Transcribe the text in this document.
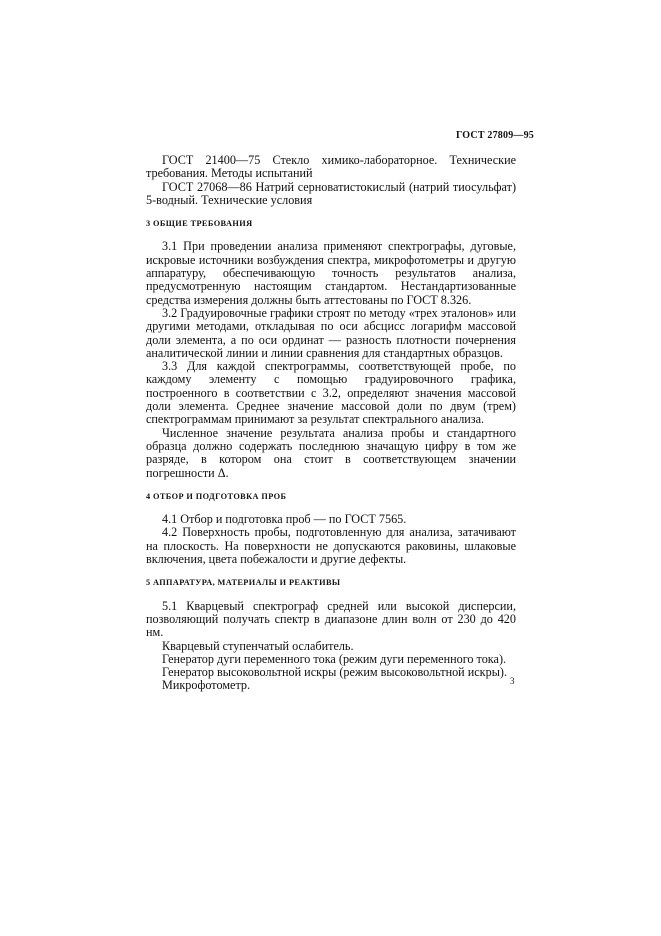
ГОСТ 27809—95

ГОСТ 21400—75 Стекло химико-лабораторное. Технические требования. Методы испытаний

ГОСТ 27068—86 Натрий серноватистокислый (натрий тиосульфат) 5-водный. Технические условия

3 ОБЩИЕ ТРЕБОВАНИЯ

3.1 При проведении анализа применяют спектрографы, дуговые, искровые источники возбуждения спектра, микрофотометры и другую аппаратуру, обеспечивающую точность результатов анализа, предусмотренную настоящим стандартом. Нестандартизованные средства измерения должны быть аттестованы по ГОСТ 8.326.

3.2 Градуировочные графики строят по методу «трех эталонов» или другими методами, откладывая по оси абсцисс логарифм массовой доли элемента, а по оси ординат — разность плотности почернения аналитической линии и линии сравнения для стандартных образцов.

3.3 Для каждой спектрограммы, соответствующей пробе, по каждому элементу с помощью градуировочного графика, построенного в соответствии с 3.2, определяют значения массовой доли элемента. Среднее значение массовой доли по двум (трем) спектрограммам принимают за результат спектрального анализа.

Численное значение результата анализа пробы и стандартного образца должно содержать последнюю значащую цифру в том же разряде, в котором она стоит в соответствующем значении погрешности Δ.

4 ОТБОР И ПОДГОТОВКА ПРОБ

4.1 Отбор и подготовка проб — по ГОСТ 7565.

4.2 Поверхность пробы, подготовленную для анализа, затачивают на плоскость. На поверхности не допускаются раковины, шлаковые включения, цвета побежалости и другие дефекты.

5 АППАРАТУРА, МАТЕРИАЛЫ И РЕАКТИВЫ

5.1 Кварцевый спектрограф средней или высокой дисперсии, позволяющий получать спектр в диапазоне длин волн от 230 до 420 нм.

Кварцевый ступенчатый ослабитель.

Генератор дуги переменного тока (режим дуги переменного тока).

Генератор высоковольтной искры (режим высоковольтной искры).

Микрофотометр.	3
